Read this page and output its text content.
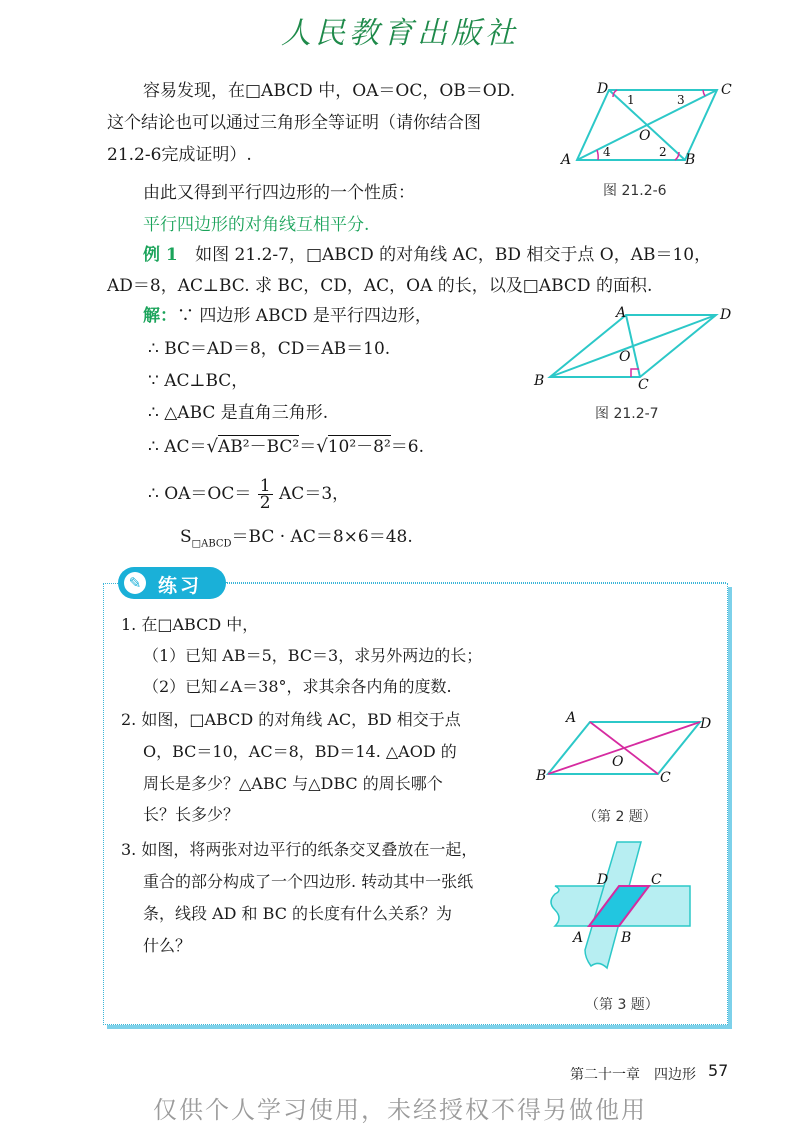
人民教育出版社
容易发现，在□ABCD 中，OA＝OC，OB＝OD.
这个结论也可以通过三角形全等证明（请你结合图
21.2-6完成证明）.
由此又得到平行四边形的一个性质：
平行四边形的对角线互相平分.
D	C
A	B
O
1	3
4	2
图 21.2-6
例 1 如图 21.2-7，□ABCD 的对角线 AC，BD 相交于点 O，AB＝10，
AD＝8，AC⊥BC. 求 BC，CD，AC，OA 的长，以及□ABCD 的面积.
解：∵ 四边形 ABCD 是平行四边形，
∴ BC＝AD＝8，CD＝AB＝10.
∵ AC⊥BC，
∴ △ABC 是直角三角形.
∴ AC＝√AB²－BC²＝√10²－8²＝6.
∴ $OA=OC= \frac{1}{2} AC=3$，
$S_{□ABCD}=BC \cdot AC=8\times 6=48$.
A	D
B	C
O
图 21.2-7
✎ 练习
1. 在□ABCD 中，
（1）已知 AB＝5，BC＝3，求另外两边的长；
（2）已知∠A＝38°，求其余各内角的度数.
2. 如图，□ABCD 的对角线 AC，BD 相交于点
O，BC＝10，AC＝8，BD＝14. △AOD 的
周长是多少？△ABC 与△DBC 的周长哪个
长？长多少？
3. 如图，将两张对边平行的纸条交叉叠放在一起，
重合的部分构成了一个四边形. 转动其中一张纸
条，线段 AD 和 BC 的长度有什么关系？为
什么？
A	D
B	C
O
（第 2 题）
D	C
A	B
（第 3 题）
第二十一章　四边形 57
仅供个人学习使用，未经授权不得另做他用
